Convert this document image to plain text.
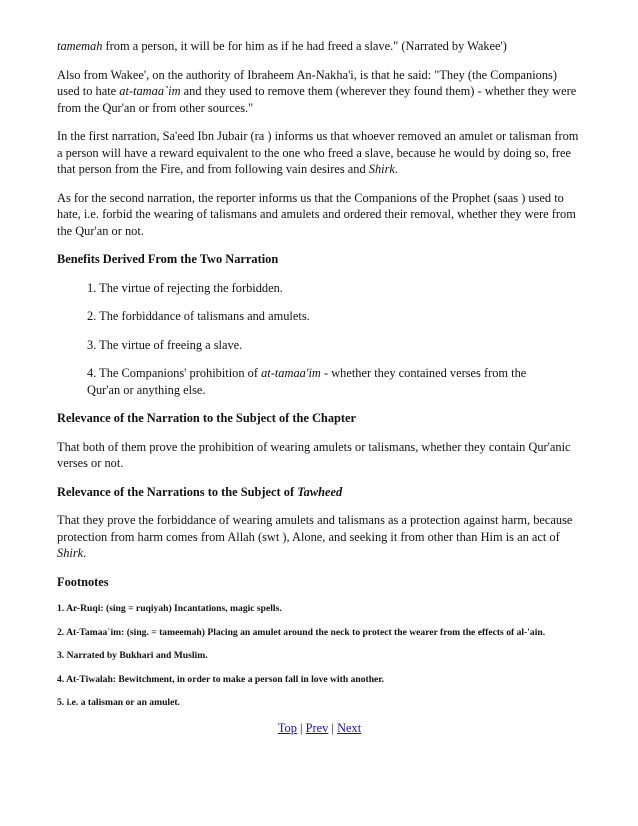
tamemah from a person, it will be for him as if he had freed a slave." (Narrated by Wakee')

Also from Wakee', on the authority of Ibraheem An-Nakha'i, is that he said: "They (the Companions) used to hate at-tamaa`im and they used to remove them (wherever they found them) - whether they were from the Qur'an or from other sources."

In the first narration, Sa'eed Ibn Jubair (ra ) informs us that whoever removed an amulet or talisman from a person will have a reward equivalent to the one who freed a slave, because he would by doing so, free that person from the Fire, and from following vain desires and Shirk.

As for the second narration, the reporter informs us that the Companions of the Prophet (saas ) used to hate, i.e. forbid the wearing of talismans and amulets and ordered their removal, whether they were from the Qur'an or not.

Benefits Derived From the Two Narration

1. The virtue of rejecting the forbidden.

2. The forbiddance of talismans and amulets.

3. The virtue of freeing a slave.

4. The Companions' prohibition of at-tamaa'im - whether they contained verses from the
Qur'an or anything else.

Relevance of the Narration to the Subject of the Chapter

That both of them prove the prohibition of wearing amulets or talismans, whether they contain Qur'anic verses or not.

Relevance of the Narrations to the Subject of Tawheed

That they prove the forbiddance of wearing amulets and talismans as a protection against harm, because protection from harm comes from Allah (swt ), Alone, and seeking it from other than Him is an act of Shirk.

Footnotes
1. Ar-Ruqi: (sing = ruqiyah) Incantations, magic spells.
2. At-Tamaa`im: (sing. = tameemah) Placing an amulet around the neck to protect the wearer from the effects of al-'ain.
3. Narrated by Bukhari and Muslim.
4. At-Tiwalah: Bewitchment, in order to make a person fall in love with another.
5. i.e. a talisman or an amulet.
Top | Prev | Next
